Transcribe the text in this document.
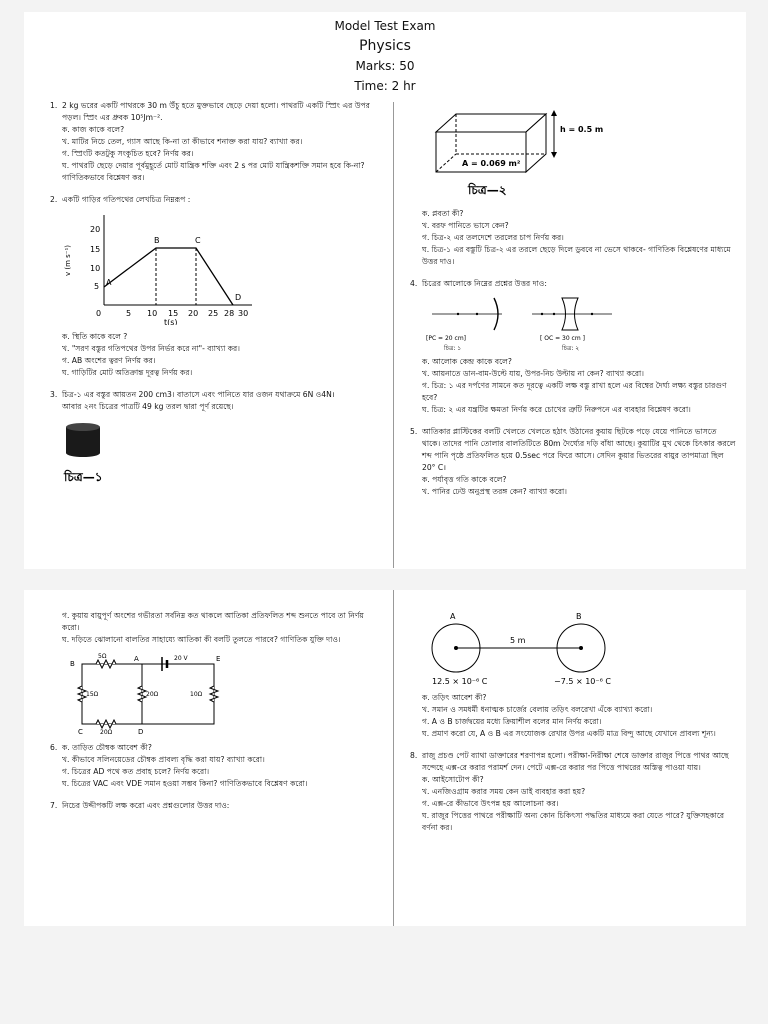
Model Test Exam
Physics
Marks: 50
Time: 2 hr
1. 2 kg ভরের একটি পাথরকে 30 m উঁচু হতে মুক্তভাবে ছেড়ে দেয়া হলো। পাথরটি একটি স্প্রিং এর উপর পড়ল। স্প্রিং এর ধ্রুবক 10⁵Jm⁻².
ক. কাজ কাকে বলে?
খ. মাটির নিচে তেল, গ্যাস আছে কি-না তা কীভাবে শনাক্ত করা যায়? ব্যাখ্যা কর।
গ. স্প্রিংটি কতটুকু সংকুচিত হবে? নির্ণয় কর।
ঘ. পাথরটি ছেড়ে দেয়ার পূর্বমুহূর্তে মোট যান্ত্রিক শক্তি এবং 2 s পর মোট যান্ত্রিকশক্তি সমান হবে কি-না? গাণিতিকভাবে বিশ্লেষণ কর।
2. একটি গাড়ির গতিপথের লেখচিত্র নিম্নরূপ :
v (m s⁻¹)
20
15
10
5
0	5 10 15 20 25 28 30
A
B	C
D
t(s)
ক. স্থিতি কাকে বলে ?
খ. "সরণ বস্তুর গতিপথের উপর নির্ভর করে না"- ব্যাখ্যা কর।
গ. AB অংশের ত্বরণ নির্ণয় কর।
ঘ. গাড়িটির মোট অতিক্রান্ত দূরত্ব নির্ণয় কর।
3. চিত্র-১ এর বস্তুর আয়তন 200 cm3। বাতাসে এবং পানিতে যার ওজন যথাক্রমে 6N ও4N।
আবার ২নং চিত্রের পাত্রটি 49 kg তরল দ্বারা পূর্ণ রয়েছে।
চিত্র—১
h = 0.5 m
A = 0.069 m²
চিত্র—২
ক. প্লবতা কী?
খ. বরফ পানিতে ভাসে কেন?
গ. চিত্র-২ এর তলদেশে তরলের চাপ নির্ণয় কর।
ঘ. চিত্র-১ এর বস্তুটি চিত্র-২ এর তরলে ছেড়ে দিলে ডুববে না ভেসে থাকবে- গাণিতিক বিশ্লেষণের মাধ্যমে উত্তর দাও।
4. চিত্রের আলোকে নিম্নের প্রশ্নের উত্তর দাও:
[PC = 20 cm]
চিত্র: ১
[ OC = 30 cm ]
চিত্র: ২
ক. আলোক কেন্দ্র কাকে বলে?
খ. আয়নাতে ডান-বাম-উল্টে যায়, উপর-নিচ উল্টায় না কেন? ব্যাখ্যা করো।
গ. চিত্র: ১ এর দর্পণের সামনে কত দূরত্বে একটি লক্ষ বস্তু রাখা হলে এর বিম্বের দৈর্ঘ্য লক্ষ্য বস্তুর চারগুণ হবে?
ঘ. চিত্র: ২ এর যন্ত্রটির ক্ষমতা নির্ণয় করে চোখের ত্রুটি নিরুপনে এর ব্যবহার বিশ্লেষণ করো।
5. আতিকার প্লাস্টিকের বলটি খেলতে খেলতে হঠাৎ উঠানের কুয়ায় ছিটকে পড়ে যেয়ে পানিতে ভাসতে থাকে। তাদের পানি তোলার বালতিটিতে 80m দৈর্ঘ্যের দড়ি বাঁধা আছে। কুয়াটির মুখ থেকে চিৎকার করলে শব্দ পানি পৃষ্ঠে প্রতিফলিত হয়ে 0.5sec পরে ফিরে আসে। সেদিন কুয়ার ভিতরের বায়ুর তাপমাত্রা ছিল 20° C।
ক. পর্যাবৃত্ত গতি কাকে বলে?
খ. পানির ঢেউ অনুপ্রস্থ তরঙ্গ কেন? ব্যাখ্যা করো।
গ. কুয়ায় বায়ুপূর্ণ অংশের গভীরতা সর্বনিম্ন কত থাকলে আতিকা প্রতিফলিত শব্দ শুনতে পাবে তা নির্ণয় করো।
ঘ. দড়িতে ঝোলানো বালতির সাহায্যে আতিকা কী বলটি তুলতে পারবে? গাণিতিক যুক্তি দাও।
B
A	E
C	D
5Ω
15Ω	20Ω	10Ω
20Ω
20 V
6. ক. তাড়িত চৌম্বক আবেশ কী?
খ. কীভাবে সলিনয়েডের চৌম্বক প্রাবল্য বৃদ্ধি করা যায়? ব্যাখ্যা করো।
গ. চিত্রের AD পথে কত প্রবাহ চলে? নির্ণয় করো।
ঘ. চিত্রের VAC এবং VDE সমান হওয়া সম্ভব কিনা? গাণিতিকভাবে বিশ্লেষণ করো।
7. নিচের উদ্দীপকটি লক্ষ করো এবং প্রশ্নগুলোর উত্তর দাও:
A	B
5 m
12.5 × 10⁻⁶ C	−7.5 × 10⁻⁶ C
ক. তড়িৎ আবেশ কী?
খ. সমান ও সমধর্মী ধনাত্মক চার্জের বেলায় তড়িৎ বলরেখা এঁকে ব্যাখ্যা করো।
গ. A ও B চার্জদ্বয়ের মধ্যে ক্রিয়াশীল বলের মান নির্ণয় করো।
ঘ. প্রমাণ করো যে, A ও B এর সংযোজক রেখার উপর একটি মাত্র বিন্দু আছে যেখানে প্রাবল্য শূন্য।
8. রাজু প্রচণ্ড পেট ব্যাথা ডাক্তারের শরণাপন্ন হলো। পরীক্ষা-নিরীক্ষা শেষে ডাক্তার রাজুর পিত্তে পাথর আছে সন্দেহে এক্স-রে করার পরামর্শ দেন। পেটে এক্স-রে করার পর পিত্তে পাথরের অস্তিত্ব পাওয়া যায়।
ক. আইসোটোপ কী?
খ. এনজিওগ্রাম করার সময় কেন ডাই ব্যবহার করা হয়?
গ. এক্স-রে কীভাবে উৎপন্ন হয় আলোচনা কর।
ঘ. রাজুর পিত্তের পাথরে পরীক্ষাটি অন্য কোন চিকিৎসা পদ্ধতির মাধ্যমে করা যেতে পারে? যুক্তিসহকারে বর্ণনা কর।
